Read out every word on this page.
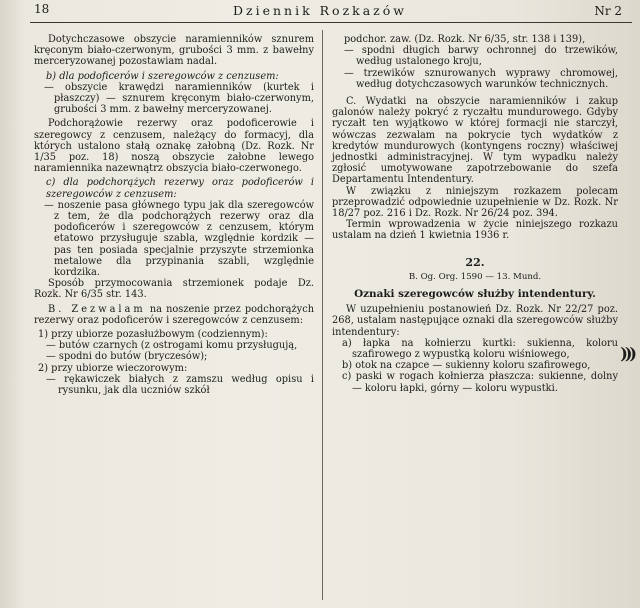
18	Dziennik Rozkazów	Nr 2

Dotychczasowe obszycie naramienników sznurem kręconym biało-czerwonym, grubości 3 mm. z bawełny merceryzowanej pozostawiam nadal.

b) dla podoficerów i szeregowców z cenzusem:

— obszycie krawędzi naramienników (kurtek i płaszczy) — sznurem kręconym biało-czerwonym, grubości 3 mm. z bawełny merceryzowanej.

Podchorążowie rezerwy oraz podoficerowie i szeregowcy z cenzusem, należący do formacyj, dla których ustalono stałą oznakę załobną (Dz. Rozk. Nr 1/35 poz. 18) noszą obszycie załobne lewego naramiennika nazewnątrz obszycia biało-czerwonego.

c) dla podchorążych rezerwy oraz podoficerów i szeregowców z cenzusem:

— noszenie pasa głównego typu jak dla szeregowców z tem, że dla podchorążych rezerwy oraz dla podoficerów i szeregowców z cenzusem, którym etatowo przysługuje szabla, względnie kordzik — pas ten posiada specjalnie przyszyte strzemionka metalowe dla przypinania szabli, względnie kordzika.

Sposób przymocowania strzemionek podaje Dz. Rozk. Nr 6/35 str. 143.

B. Zezwalam na noszenie przez podchorążych rezerwy oraz podoficerów i szeregowców z cenzusem:

1) przy ubiorze pozasłużbowym (codziennym):

— butów czarnych (z ostrogami komu przysługują,

— spodni do butów (bryczesów);

2) przy ubiorze wieczorowym:

— rękawiczek białych z zamszu według opisu i rysunku, jak dla uczniów szkół

podchor. zaw. (Dz. Rozk. Nr 6/35, str. 138 i 139),

— spodni długich barwy ochronnej do trzewików, według ustalonego kroju,

— trzewików sznurowanych wyprawy chromowej, według dotychczasowych warunków technicznych.

C. Wydatki na obszycie naramienników i zakup galonów należy pokryć z ryczałtu mundurowego. Gdyby ryczałt ten wyjątkowo w której formacji nie starczył, wówczas zezwalam na pokrycie tych wydatków z kredytów mundurowych (kontyngens roczny) właściwej jednostki administracyjnej. W tym wypadku należy zgłosić umotywowane zapotrzebowanie do szefa Departamentu Intendentury.

W związku z niniejszym rozkazem polecam przeprowadzić odpowiednie uzupełnienie w Dz. Rozk. Nr 18/27 poz. 216 i Dz. Rozk. Nr 26/24 poz. 394.

Termin wprowadzenia w życie niniejszego rozkazu ustalam na dzień 1 kwietnia 1936 r.

22.

B. Og. Org. 1590 — 13. Mund.

Oznaki szeregowców służby intendentury.

W uzupełnieniu postanowień Dz. Rozk. Nr 22/27 poz. 268, ustalam następujące oznaki dla szeregowców służby intendentury:

a) łapka na kołnierzu kurtki: sukienna, koloru szafirowego z wypustką koloru wiśniowego,

b) otok na czapce — sukienny koloru szafirowego,

c) paski w rogach kołnierza płaszcza: sukienne, dolny — koloru łapki, górny — koloru wypustki.

)))
